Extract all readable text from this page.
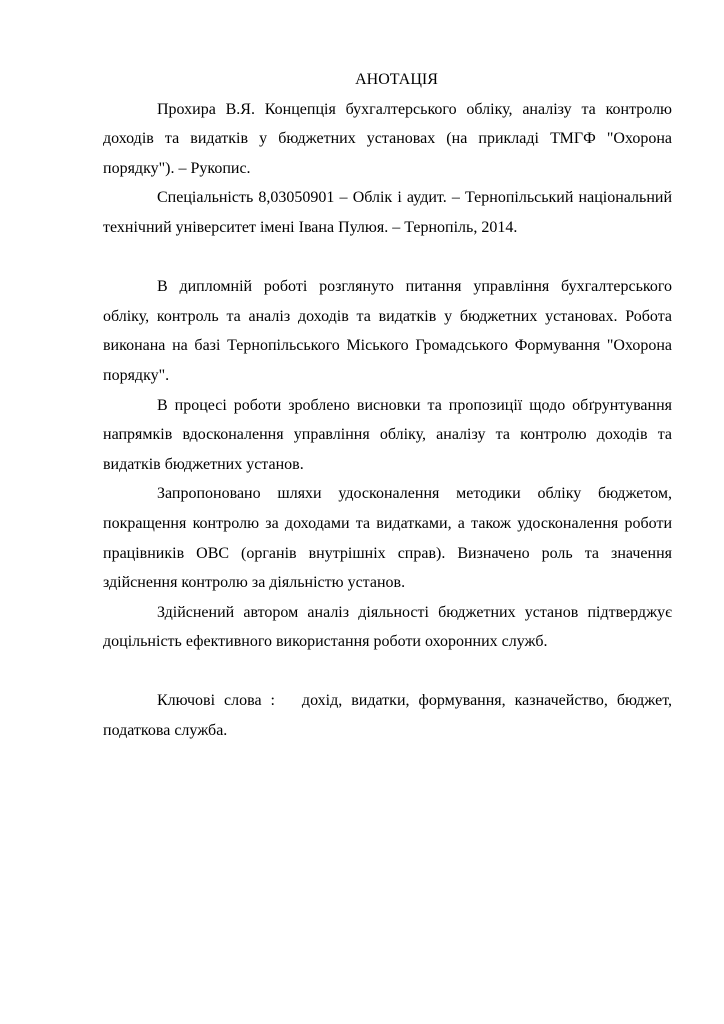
АНОТАЦІЯ

Прохира В.Я. Концепція бухгалтерського обліку, аналізу та контролю доходів та видатків у бюджетних установах (на прикладі ТМГФ "Охорона порядку"). – Рукопис.

Спеціальність 8,03050901 – Облік і аудит. – Тернопільський національний технічний університет імені Івана Пулюя. – Тернопіль, 2014.

В дипломній роботі розглянуто питання управління бухгалтерського обліку, контроль та аналіз доходів та видатків у бюджетних установах. Робота виконана на базі Тернопільського Міського Громадського Формування "Охорона порядку".

В процесі роботи зроблено висновки та пропозиції щодо обґрунтування напрямків вдосконалення управління обліку, аналізу та контролю доходів та видатків бюджетних установ.

Запропоновано шляхи удосконалення методики обліку бюджетом, покращення контролю за доходами та видатками, а також удосконалення роботи працівників ОВС (органів внутрішніх справ). Визначено роль та значення здійснення контролю за діяльністю установ.

Здійснений автором аналіз діяльності бюджетних установ підтверджує доцільність ефективного використання роботи охоронних служб.

Ключові слова : дохід, видатки, формування, казначейство, бюджет, податкова служба.
